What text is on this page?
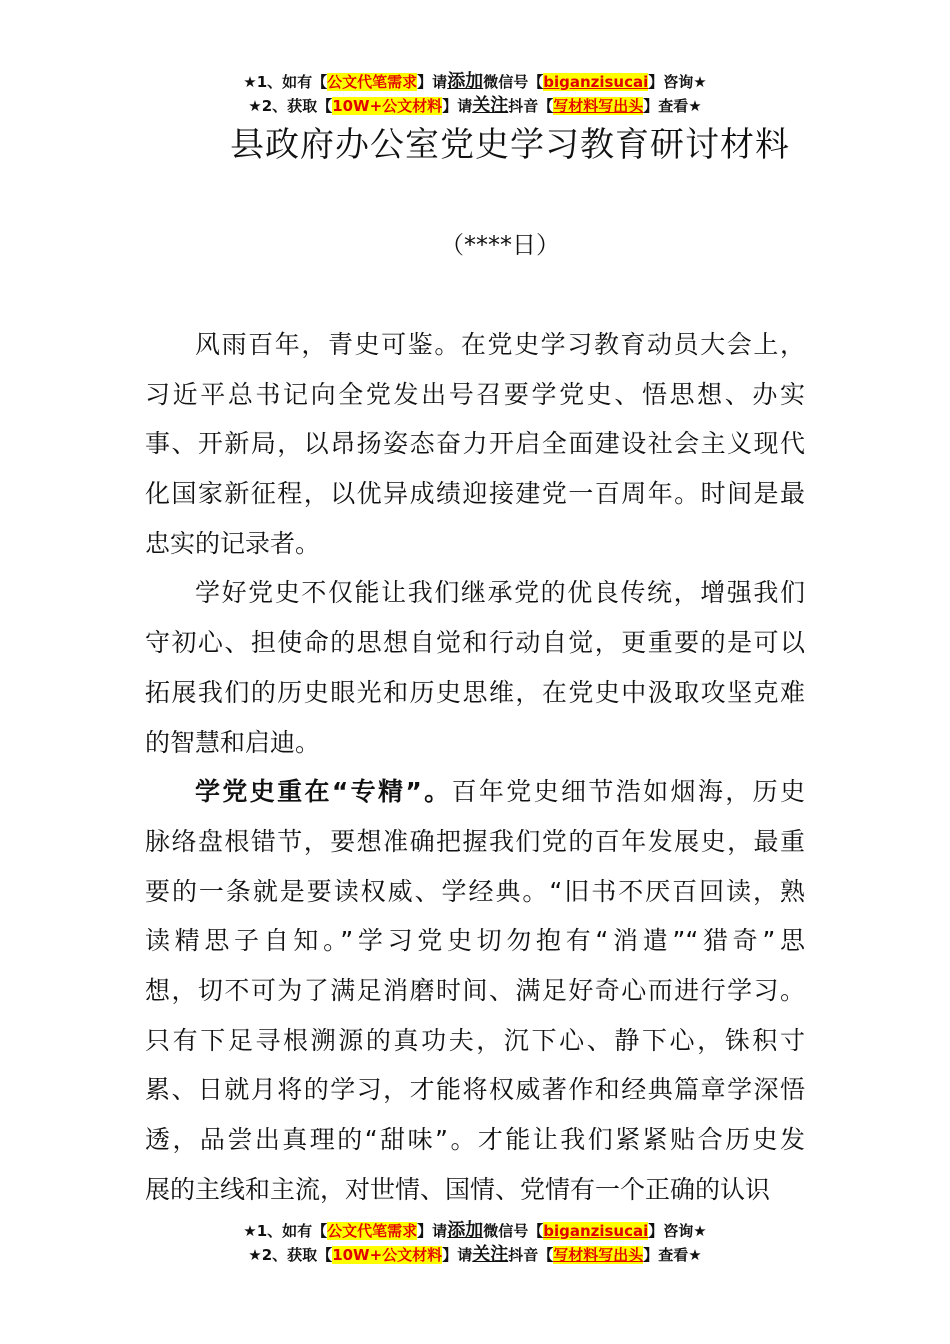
★1、如有【公文代笔需求】请添加微信号【biganzisucai】咨询★
★2、获取【10W+公文材料】请关注抖音【写材料写出头】查看★
县政府办公室党史学习教育研讨材料
（****日）
风雨百年，青史可鉴。在党史学习教育动员大会上，
习近平总书记向全党发出号召要学党史、悟思想、办实
事、开新局，以昂扬姿态奋力开启全面建设社会主义现代
化国家新征程，以优异成绩迎接建党一百周年。时间是最
忠实的记录者。
学好党史不仅能让我们继承党的优良传统，增强我们
守初心、担使命的思想自觉和行动自觉，更重要的是可以
拓展我们的历史眼光和历史思维，在党史中汲取攻坚克难
的智慧和启迪。
学党史重在“专精”。百年党史细节浩如烟海，历史
脉络盘根错节，要想准确把握我们党的百年发展史，最重
要的一条就是要读权威、学经典。“旧书不厌百回读，熟
读精思子自知。”学习党史切勿抱有“消遣”“猎奇”思
想，切不可为了满足消磨时间、满足好奇心而进行学习。
只有下足寻根溯源的真功夫，沉下心、静下心，铢积寸
累、日就月将的学习，才能将权威著作和经典篇章学深悟
透，品尝出真理的“甜味”。才能让我们紧紧贴合历史发
展的主线和主流，对世情、国情、党情有一个正确的认识
★1、如有【公文代笔需求】请添加微信号【biganzisucai】咨询★
★2、获取【10W+公文材料】请关注抖音【写材料写出头】查看★
